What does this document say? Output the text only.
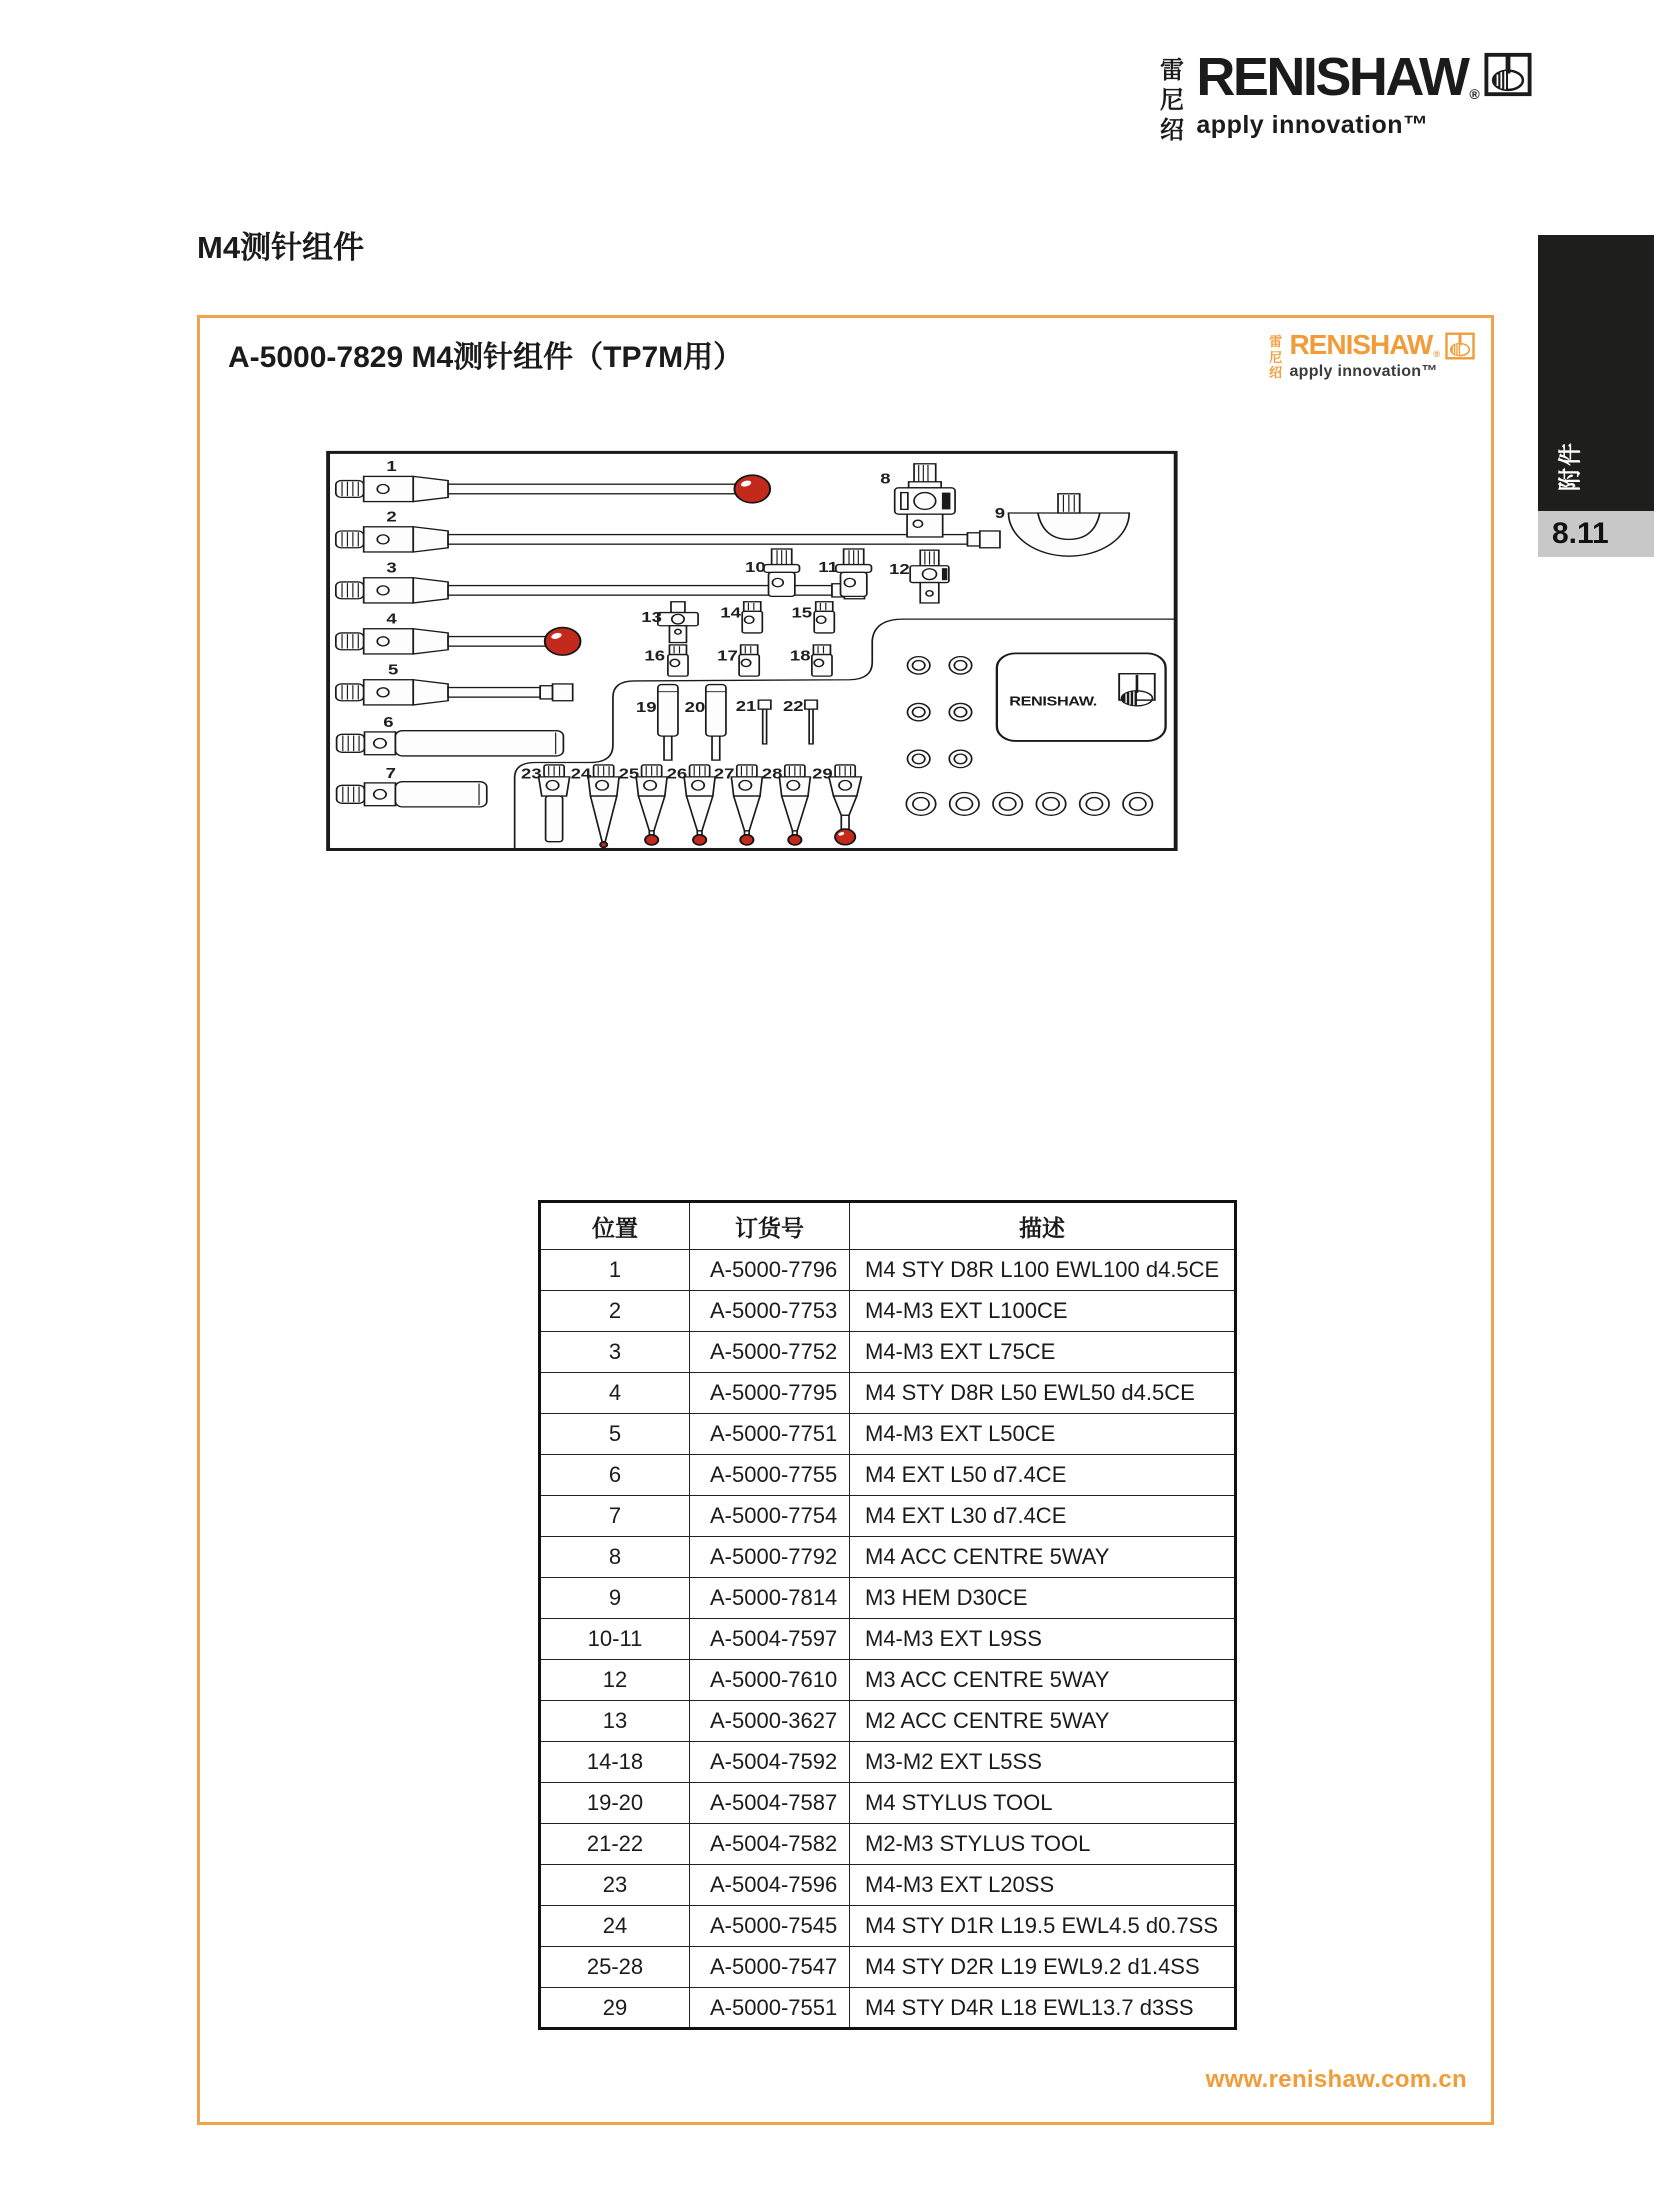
雷尼绍
RENISHAW ®
apply innovation™
M4测针组件
附件
8.11
A-5000-7829 M4测针组件（TP7M用）	雷尼绍
RENISHAW ®
apply innovation™
1
2
3
4
5
6
7
8
9
10 11 12
13 14 15
16 17 18
19 20 21 22
23 24 25 26 27 28 29
RENISHAW.
位置	订货号	描述
1	A-5000-7796	M4 STY D8R L100 EWL100 d4.5CE
2	A-5000-7753	M4-M3 EXT L100CE
3	A-5000-7752	M4-M3 EXT L75CE
4	A-5000-7795	M4 STY D8R L50 EWL50 d4.5CE
5	A-5000-7751	M4-M3 EXT L50CE
6	A-5000-7755	M4 EXT L50 d7.4CE
7	A-5000-7754	M4 EXT L30 d7.4CE
8	A-5000-7792	M4 ACC CENTRE 5WAY
9	A-5000-7814	M3 HEM D30CE
10-11	A-5004-7597	M4-M3 EXT L9SS
12	A-5000-7610	M3 ACC CENTRE 5WAY
13	A-5000-3627	M2 ACC CENTRE 5WAY
14-18	A-5004-7592	M3-M2 EXT L5SS
19-20	A-5004-7587	M4 STYLUS TOOL
21-22	A-5004-7582	M2-M3 STYLUS TOOL
23	A-5004-7596	M4-M3 EXT L20SS
24	A-5000-7545	M4 STY D1R L19.5 EWL4.5 d0.7SS
25-28	A-5000-7547	M4 STY D2R L19 EWL9.2 d1.4SS
29	A-5000-7551	M4 STY D4R L18 EWL13.7 d3SS
www.renishaw.com.cn
